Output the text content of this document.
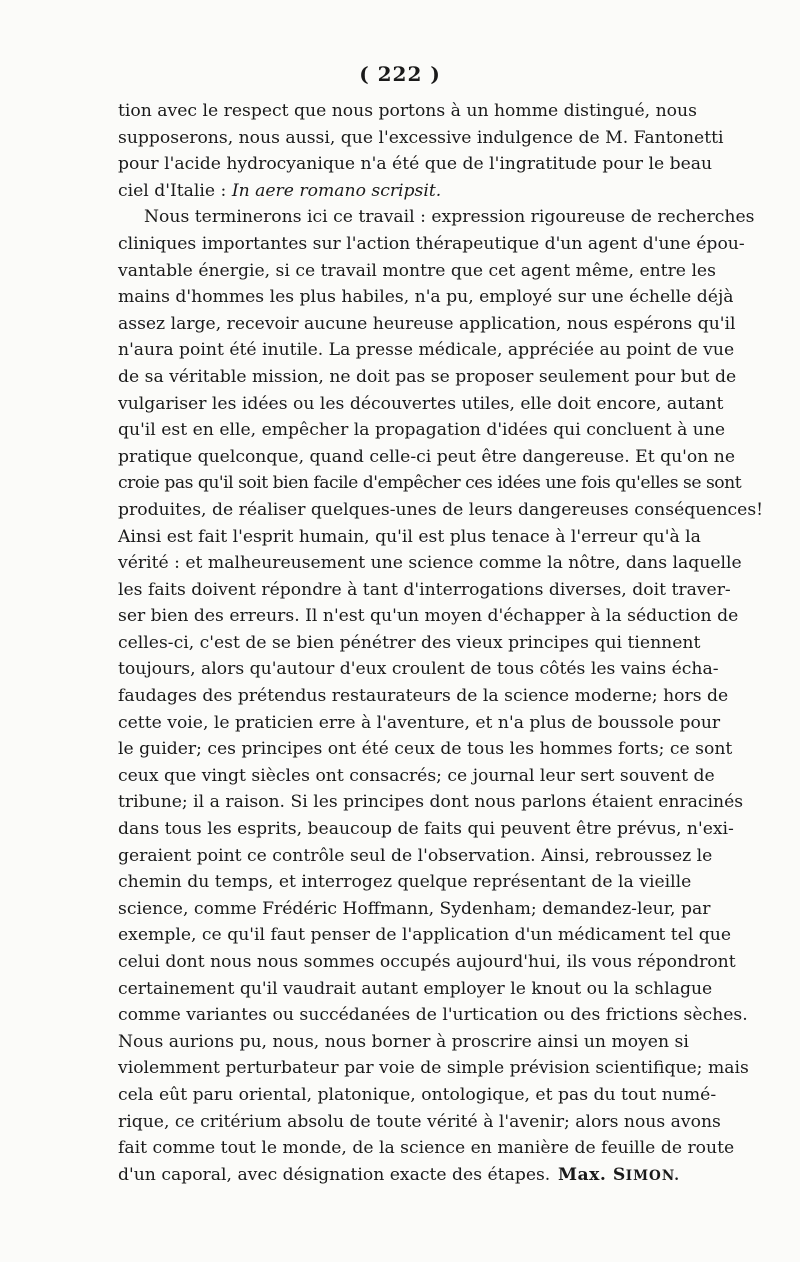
( 222 )
tion avec le respect que nous portons à un homme distingué, nous
supposerons, nous aussi, que l'excessive indulgence de M. Fantonetti
pour l'acide hydrocyanique n'a été que de l'ingratitude pour le beau
ciel d'Italie : In aere romano scripsit.
Nous terminerons ici ce travail : expression rigoureuse de recherches
cliniques importantes sur l'action thérapeutique d'un agent d'une épou-
vantable énergie, si ce travail montre que cet agent même, entre les
mains d'hommes les plus habiles, n'a pu, employé sur une échelle déjà
assez large, recevoir aucune heureuse application, nous espérons qu'il
n'aura point été inutile. La presse médicale, appréciée au point de vue
de sa véritable mission, ne doit pas se proposer seulement pour but de
vulgariser les idées ou les découvertes utiles, elle doit encore, autant
qu'il est en elle, empêcher la propagation d'idées qui concluent à une
pratique quelconque, quand celle-ci peut être dangereuse. Et qu'on ne
croie pas qu'il soit bien facile d'empêcher ces idées une fois qu'elles se sont
produites, de réaliser quelques-unes de leurs dangereuses conséquences!
Ainsi est fait l'esprit humain, qu'il est plus tenace à l'erreur qu'à la
vérité : et malheureusement une science comme la nôtre, dans laquelle
les faits doivent répondre à tant d'interrogations diverses, doit traver-
ser bien des erreurs. Il n'est qu'un moyen d'échapper à la séduction de
celles-ci, c'est de se bien pénétrer des vieux principes qui tiennent
toujours, alors qu'autour d'eux croulent de tous côtés les vains écha-
faudages des prétendus restaurateurs de la science moderne; hors de
cette voie, le praticien erre à l'aventure, et n'a plus de boussole pour
le guider; ces principes ont été ceux de tous les hommes forts; ce sont
ceux que vingt siècles ont consacrés; ce journal leur sert souvent de
tribune; il a raison. Si les principes dont nous parlons étaient enracinés
dans tous les esprits, beaucoup de faits qui peuvent être prévus, n'exi-
geraient point ce contrôle seul de l'observation. Ainsi, rebroussez le
chemin du temps, et interrogez quelque représentant de la vieille
science, comme Frédéric Hoffmann, Sydenham; demandez-leur, par
exemple, ce qu'il faut penser de l'application d'un médicament tel que
celui dont nous nous sommes occupés aujourd'hui, ils vous répondront
certainement qu'il vaudrait autant employer le knout ou la schlague
comme variantes ou succédanées de l'urtication ou des frictions sèches.
Nous aurions pu, nous, nous borner à proscrire ainsi un moyen si
violemment perturbateur par voie de simple prévision scientifique; mais
cela eût paru oriental, platonique, ontologique, et pas du tout numé-
rique, ce critérium absolu de toute vérité à l'avenir; alors nous avons
fait comme tout le monde, de la science en manière de feuille de route
d'un caporal, avec désignation exacte des étapes. Max. SIMON.
